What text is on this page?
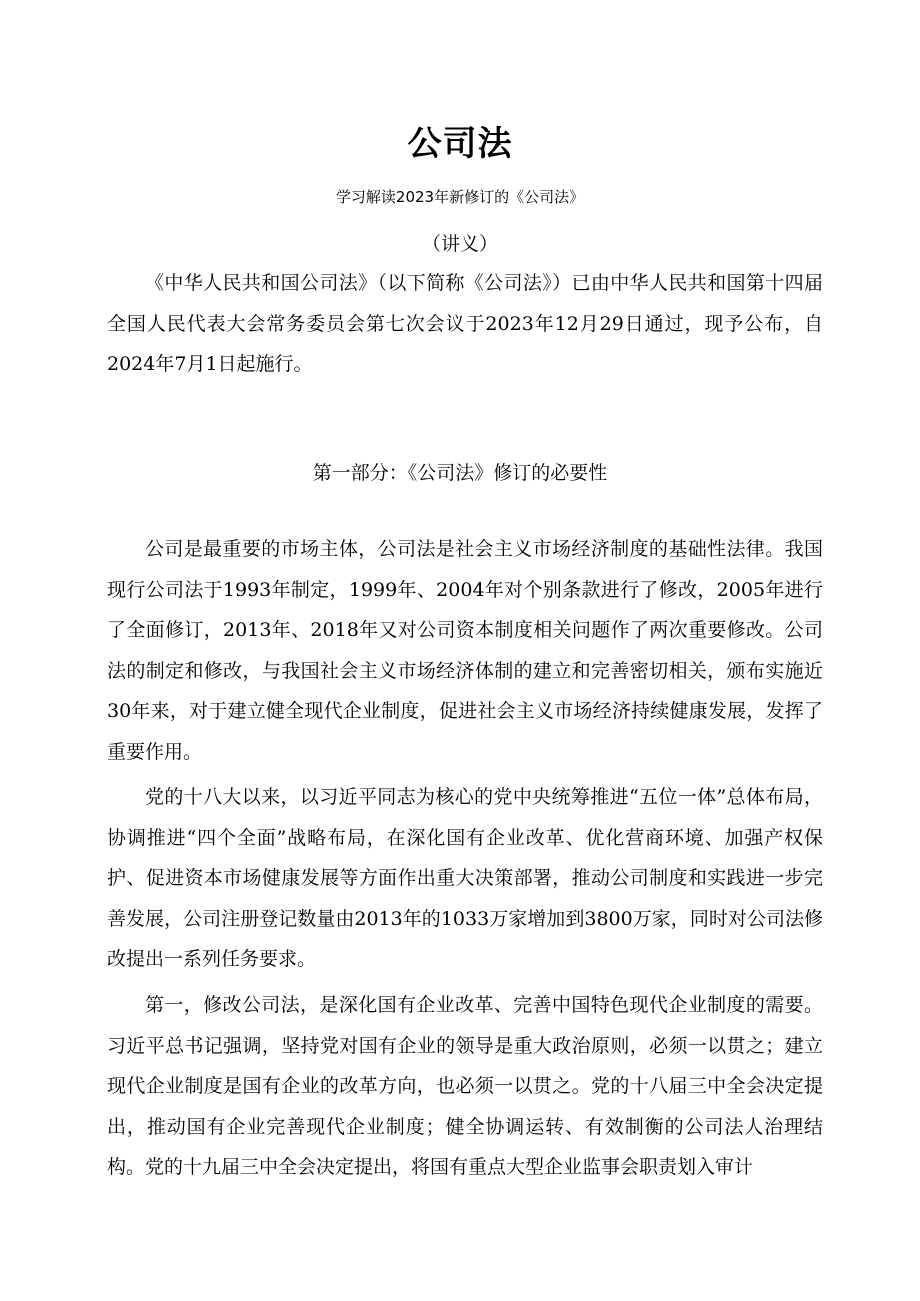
公司法
学习解读2023年新修订的《公司法》
（讲义）

《中华人民共和国公司法》（以下简称《公司法》）已由中华人民共和国第十四届全国人民代表大会常务委员会第七次会议于2023年12月29日通过，现予公布，自2024年7月1日起施行。

第一部分：《公司法》修订的必要性

公司是最重要的市场主体，公司法是社会主义市场经济制度的基础性法律。我国现行公司法于1993年制定，1999年、2004年对个别条款进行了修改，2005年进行了全面修订，2013年、2018年又对公司资本制度相关问题作了两次重要修改。公司法的制定和修改，与我国社会主义市场经济体制的建立和完善密切相关，颁布实施近30年来，对于建立健全现代企业制度，促进社会主义市场经济持续健康发展，发挥了重要作用。

党的十八大以来，以习近平同志为核心的党中央统筹推进“五位一体”总体布局，协调推进“四个全面”战略布局，在深化国有企业改革、优化营商环境、加强产权保护、促进资本市场健康发展等方面作出重大决策部署，推动公司制度和实践进一步完善发展，公司注册登记数量由2013年的1033万家增加到3800万家，同时对公司法修改提出一系列任务要求。

第一，修改公司法，是深化国有企业改革、完善中国特色现代企业制度的需要。习近平总书记强调，坚持党对国有企业的领导是重大政治原则，必须一以贯之；建立现代企业制度是国有企业的改革方向，也必须一以贯之。党的十八届三中全会决定提出，推动国有企业完善现代企业制度；健全协调运转、有效制衡的公司法人治理结构。党的十九届三中全会决定提出，将国有重点大型企业监事会职责划入审计
